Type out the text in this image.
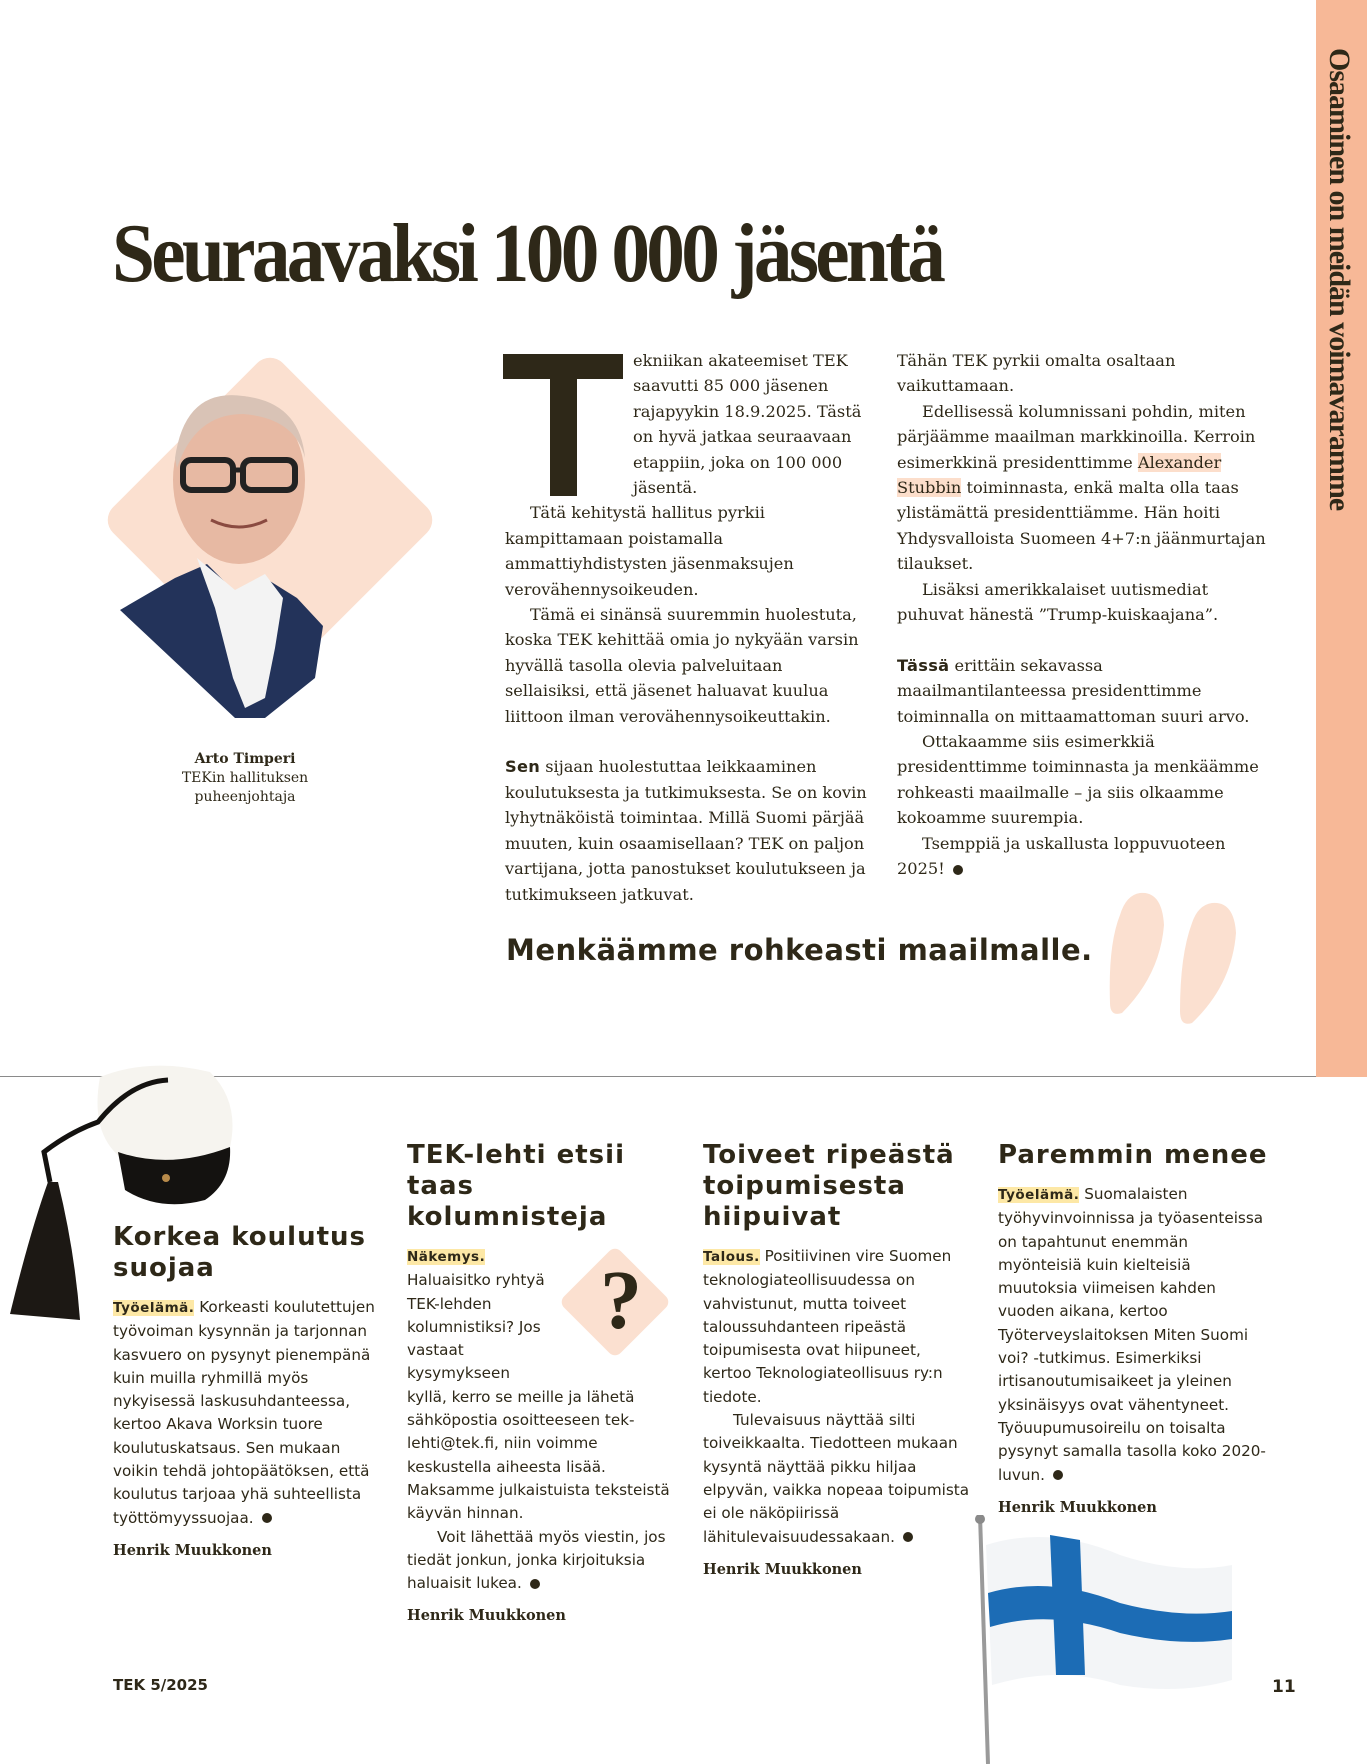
Osaaminen on meidän voimavaramme
Seuraavaksi 100 000 jäsentä
Arto Timperi
TEKin hallituksen
puheenjohtaja

ekniikan akateemiset TEK saavutti 85 000 jäsenen rajapyykin 18.9.2025. Tästä on hyvä jatkaa seuraavaan etappiin, joka on 100 000 jäsentä.

Tätä kehitystä hallitus pyrkii kampittamaan poistamalla ammattiyhdistysten jäsenmaksujen verovähennysoikeuden.

Tämä ei sinänsä suuremmin huolestuta, koska TEK kehittää omia jo nykyään varsin hyvällä tasolla olevia palveluitaan sellaisiksi, että jäsenet haluavat kuulua liittoon ilman verovähennysoikeuttakin.

Sen sijaan huolestuttaa leikkaaminen koulutuksesta ja tutkimuksesta. Se on kovin lyhytnäköistä toimintaa. Millä Suomi pärjää muuten, kuin osaamisellaan? TEK on paljon vartijana, jotta panostukset koulutukseen ja tutkimukseen jatkuvat.

Tähän TEK pyrkii omalta osaltaan vaikuttamaan.

Edellisessä kolumnissani pohdin, miten pärjäämme maailman markkinoilla. Kerroin esimerkkinä presidenttimme Alexander Stubbin toiminnasta, enkä malta olla taas ylistämättä presidenttiämme. Hän hoiti Yhdysvalloista Suomeen 4+7:n jäänmurtajan tilaukset.

Lisäksi amerikkalaiset uutismediat puhuvat hänestä ”Trump-kuiskaajana”.

Tässä erittäin sekavassa maailmantilanteessa presidenttimme toiminnalla on mittaamattoman suuri arvo.

Ottakaamme siis esimerkkiä presidenttimme toiminnasta ja menkäämme rohkeasti maailmalle – ja siis olkaamme kokoamme suurempia.

Tsemppiä ja uskallusta loppuvuoteen 2025!

Menkäämme rohkeasti maailmalle.
Korkea koulutus suojaa

Työelämä. Korkeasti koulutettujen työvoiman kysynnän ja tarjonnan kasvuero on pysynyt pienempänä kuin muilla ryhmillä myös nykyisessä laskusuhdanteessa, kertoo Akava Worksin tuore koulutuskatsaus. Sen mukaan voikin tehdä johtopäätöksen, että koulutus tarjoaa yhä suhteellista työttömyyssuojaa.

Henrik Muukkonen
?
TEK-lehti etsii taas kolumnisteja

Näkemys. Haluaisitko ryhtyä TEK-lehden kolumnistiksi? Jos vastaat kysymykseen kyllä, kerro se meille ja lähetä sähköpostia osoitteeseen tek-lehti@tek.fi, niin voimme keskustella aiheesta lisää. Maksamme julkaistuista teksteistä käyvän hinnan.

Voit lähettää myös viestin, jos tiedät jonkun, jonka kirjoituksia haluaisit lukea.

Henrik Muukkonen
Toiveet ripeästä toipumisesta hiipuivat

Talous. Positiivinen vire Suomen teknologiateollisuudessa on vahvistunut, mutta toiveet taloussuhdanteen ripeästä toipumisesta ovat hiipuneet, kertoo Teknologiateollisuus ry:n tiedote.

Tulevaisuus näyttää silti toiveikkaalta. Tiedotteen mukaan kysyntä näyttää pikku hiljaa elpyvän, vaikka nopeaa toipumista ei ole näköpiirissä lähitulevaisuudessakaan.

Henrik Muukkonen
Paremmin menee

Työelämä. Suomalaisten työhyvinvoinnissa ja työasenteissa on tapahtunut enemmän myönteisiä kuin kielteisiä muutoksia viimeisen kahden vuoden aikana, kertoo Työterveyslaitoksen Miten Suomi voi? -tutkimus. Esimerkiksi irtisanoutumisaikeet ja yleinen yksinäisyys ovat vähentyneet. Työuupumusoireilu on toisalta pysynyt samalla tasolla koko 2020-luvun.

Henrik Muukkonen
TEK 5/2025	11
